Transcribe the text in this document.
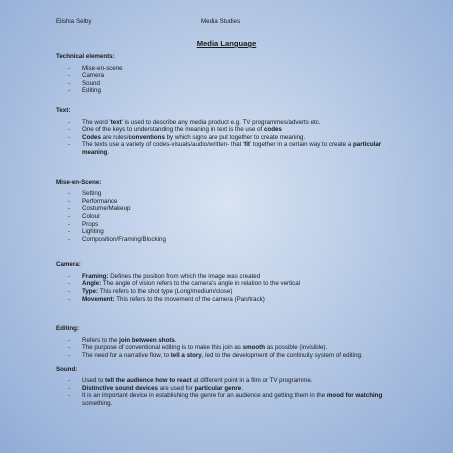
Elishia Selby	Media Studies
Media Language
Technical elements:
- Mise-en-scene
- Camera
- Sound
- Editing
Text:
- The word 'text' is used to describe any media product e.g. TV programmes/adverts etc.
- One of the keys to understanding the meaning in text is the use of codes
- Codes are rules/conventions by which signs are put together to create meaning.
- The texts use a variety of codes-visuals/audio/written- that 'fit' together in a certain way to create a particular meaning.
Mise-en-Scene:
- Setting
- Performance
- Costume/Makeup
- Colour
- Props
- Lighting
- Composition/Framing/Blocking
Camera:
- Framing: Defines the position from which the image was created
- Angle: The angle of vision refers to the camera's angle in relation to the vertical
- Type: This refers to the shot type (Long/medium/close)
- Movement: This refers to the movement of the camera (Pan/track)
Editing:
- Refers to the join between shots.
- The purpose of conventional editing is to make this join as smooth as possible (invisible).
- The need for a narrative flow, to tell a story, led to the development of the continuity system of editing.
Sound:
- Used to tell the audience how to react at different point in a film or TV programme.
- Distinctive sound devices are used for particular genre.
- It is an important device in establishing the genre for an audience and getting them in the mood for watching something.
